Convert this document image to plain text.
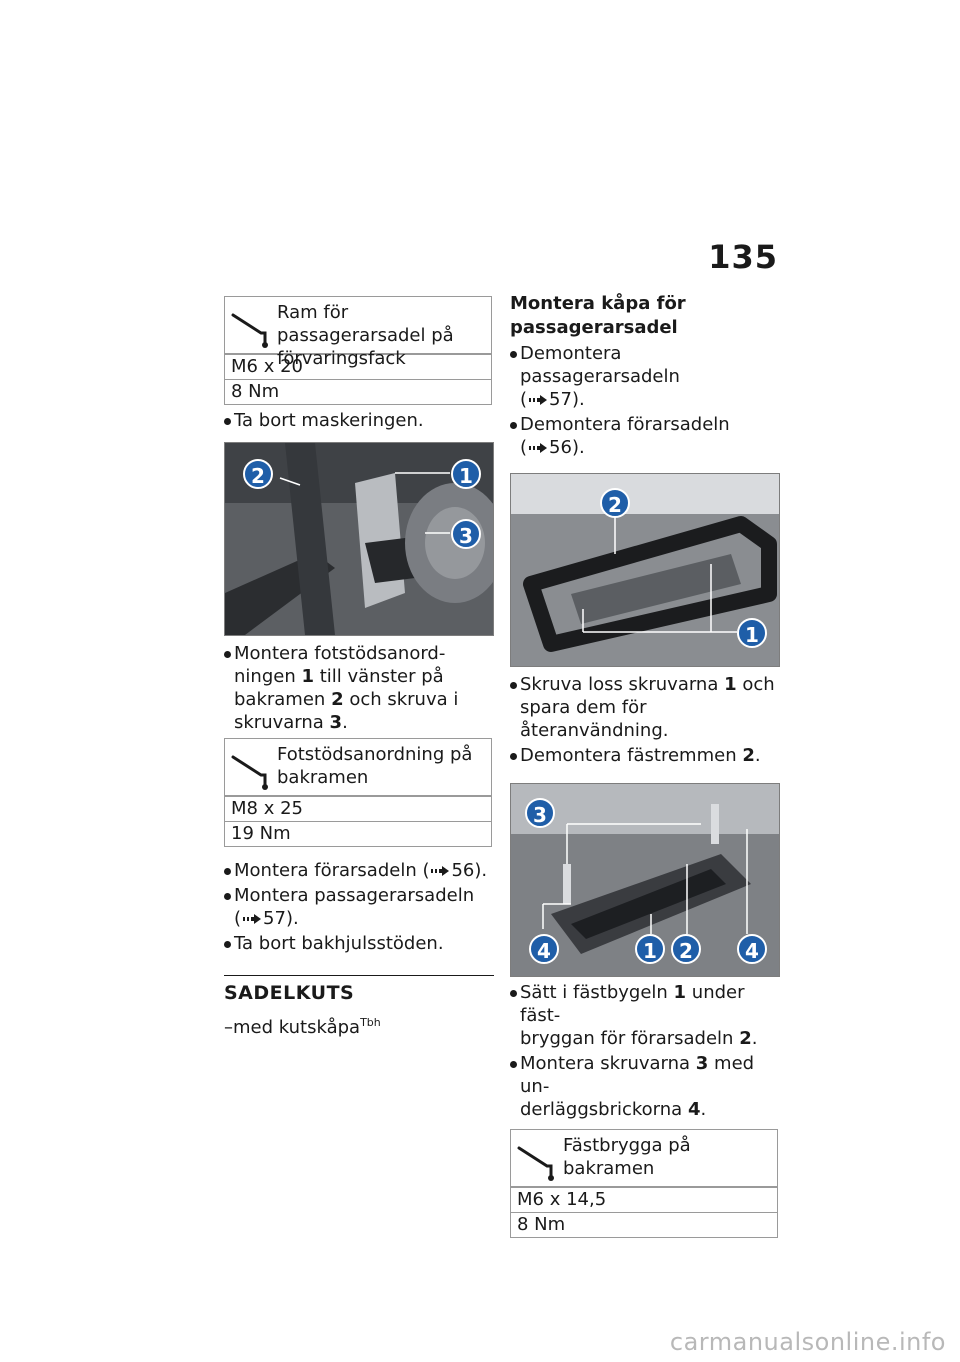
135
Ram för passagerarsadel på förvaringsfack
M6 x 20
8 Nm
Ta bort maskeringen.
2	1
3
Montera fotstödsanord-
ningen 1 till vänster på
bakramen 2 och skruva i
skruvarna 3.
Fotstödsanordning på bakramen
M8 x 25
19 Nm
Montera förarsadeln ( 56).
Montera passagerarsadeln
( 57).
Ta bort bakhjulsstöden.
SADELKUTS
–med kutskåpa$^{Tbh}$
Montera kåpa för passagerarsadel
Demontera passagerarsadeln
( 57).
Demontera förarsadeln
( 56).
2
1
Skruva loss skruvarna 1 och
spara dem för återanvändning.
Demontera fästremmen 2.
3
4	1	2	4
Sätt i fästbygeln 1 under fäst-
bryggan för förarsadeln 2.
Montera skruvarna 3 med un-
derläggsbrickorna 4.
Fästbrygga på bakramen
M6 x 14,5
8 Nm
carmanualsonline.info
